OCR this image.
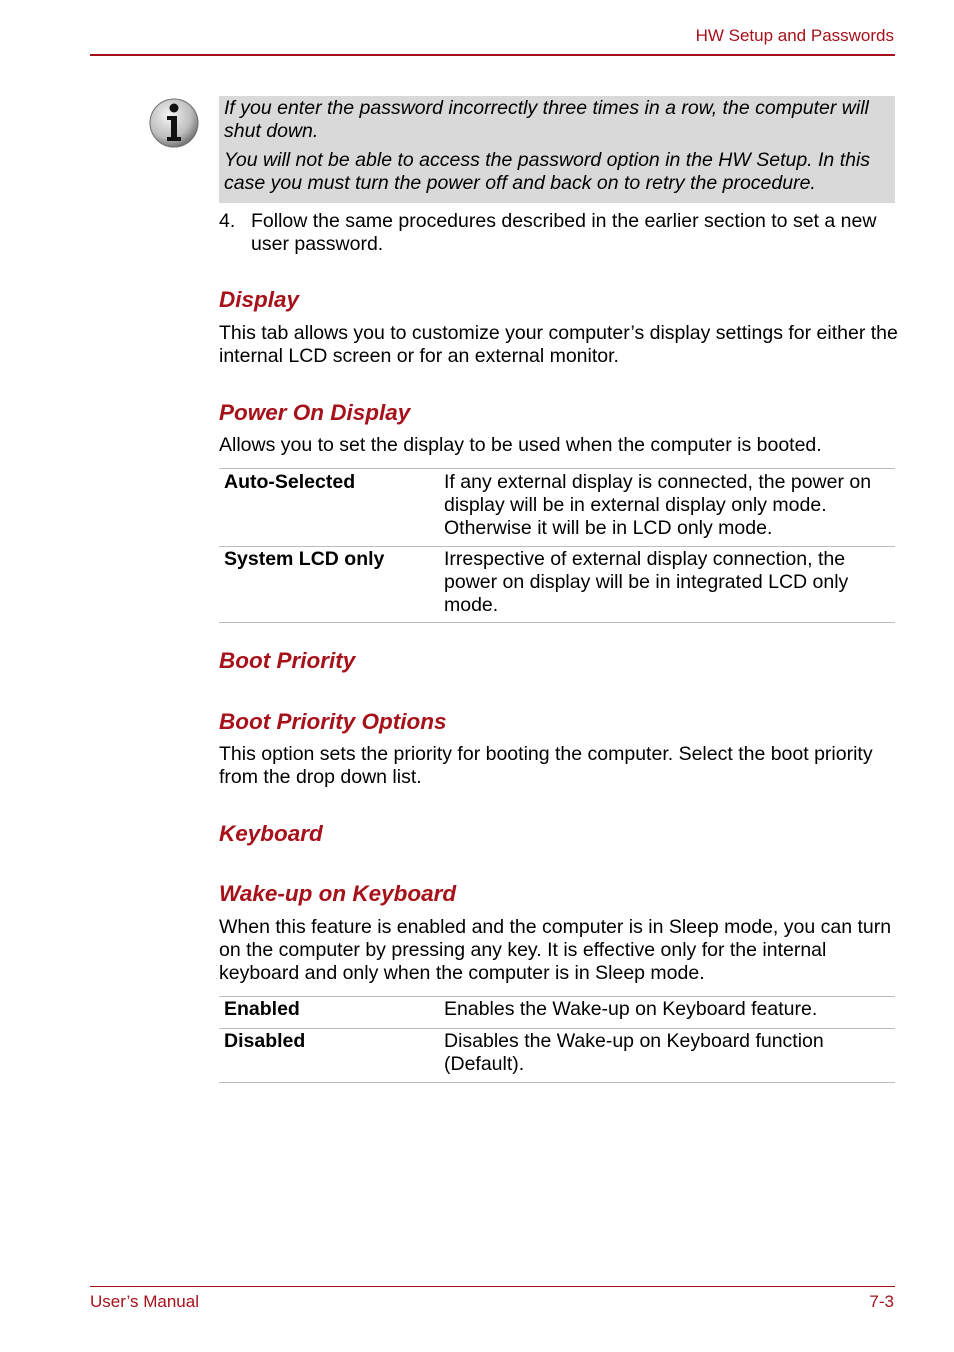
HW Setup and Passwords

If you enter the password incorrectly three times in a row, the computer will shut down.

You will not be able to access the password option in the HW Setup. In this case you must turn the power off and back on to retry the procedure.

4. Follow the same procedures described in the earlier section to set a new user password.
Display

This tab allows you to customize your computer’s display settings for either the internal LCD screen or for an external monitor.

Power On Display

Allows you to set the display to be used when the computer is booted.

Auto-Selected	If any external display is connected, the power on display will be in external display only mode. Otherwise it will be in LCD only mode.
System LCD only	Irrespective of external display connection, the power on display will be in integrated LCD only mode.
Boot Priority
Boot Priority Options

This option sets the priority for booting the computer. Select the boot priority from the drop down list.

Keyboard
Wake-up on Keyboard

When this feature is enabled and the computer is in Sleep mode, you can turn on the computer by pressing any key. It is effective only for the internal keyboard and only when the computer is in Sleep mode.

Enabled	Enables the Wake-up on Keyboard feature.
Disabled	Disables the Wake-up on Keyboard function (Default).
User’s Manual	7-3
